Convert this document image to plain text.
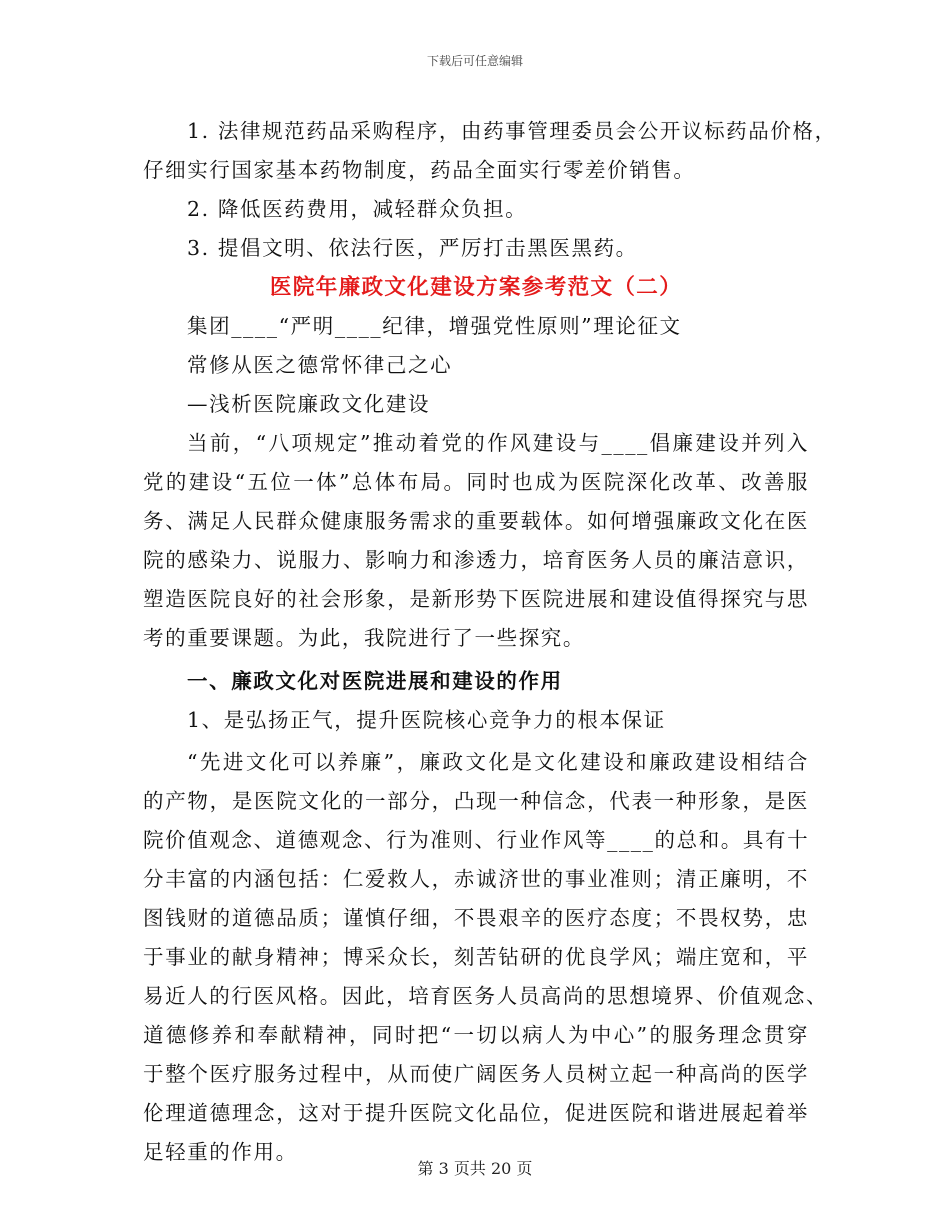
下载后可任意编辑
1. 法律规范药品采购程序，由药事管理委员会公开议标药品价格，
仔细实行国家基本药物制度，药品全面实行零差价销售。
2. 降低医药费用，减轻群众负担。
3. 提倡文明、依法行医，严厉打击黑医黑药。
医院年廉政文化建设方案参考范文（二）
集团____“严明____纪律，增强党性原则”理论征文
常修从医之德常怀律己之心
—浅析医院廉政文化建设
当前，“八项规定”推动着党的作风建设与____倡廉建设并列入
党的建设“五位一体”总体布局。同时也成为医院深化改革、改善服
务、满足人民群众健康服务需求的重要载体。如何增强廉政文化在医
院的感染力、说服力、影响力和渗透力，培育医务人员的廉洁意识，
塑造医院良好的社会形象，是新形势下医院进展和建设值得探究与思
考的重要课题。为此，我院进行了一些探究。
一、廉政文化对医院进展和建设的作用
1、是弘扬正气，提升医院核心竞争力的根本保证
“先进文化可以养廉”，廉政文化是文化建设和廉政建设相结合
的产物，是医院文化的一部分，凸现一种信念，代表一种形象，是医
院价值观念、道德观念、行为准则、行业作风等____的总和。具有十
分丰富的内涵包括：仁爱救人，赤诚济世的事业准则；清正廉明，不
图钱财的道德品质；谨慎仔细，不畏艰辛的医疗态度；不畏权势，忠
于事业的献身精神；博采众长，刻苦钻研的优良学风；端庄宽和，平
易近人的行医风格。因此，培育医务人员高尚的思想境界、价值观念、
道德修养和奉献精神，同时把“一切以病人为中心”的服务理念贯穿
于整个医疗服务过程中，从而使广阔医务人员树立起一种高尚的医学
伦理道德理念，这对于提升医院文化品位，促进医院和谐进展起着举
足轻重的作用。
第 3 页共 20 页
